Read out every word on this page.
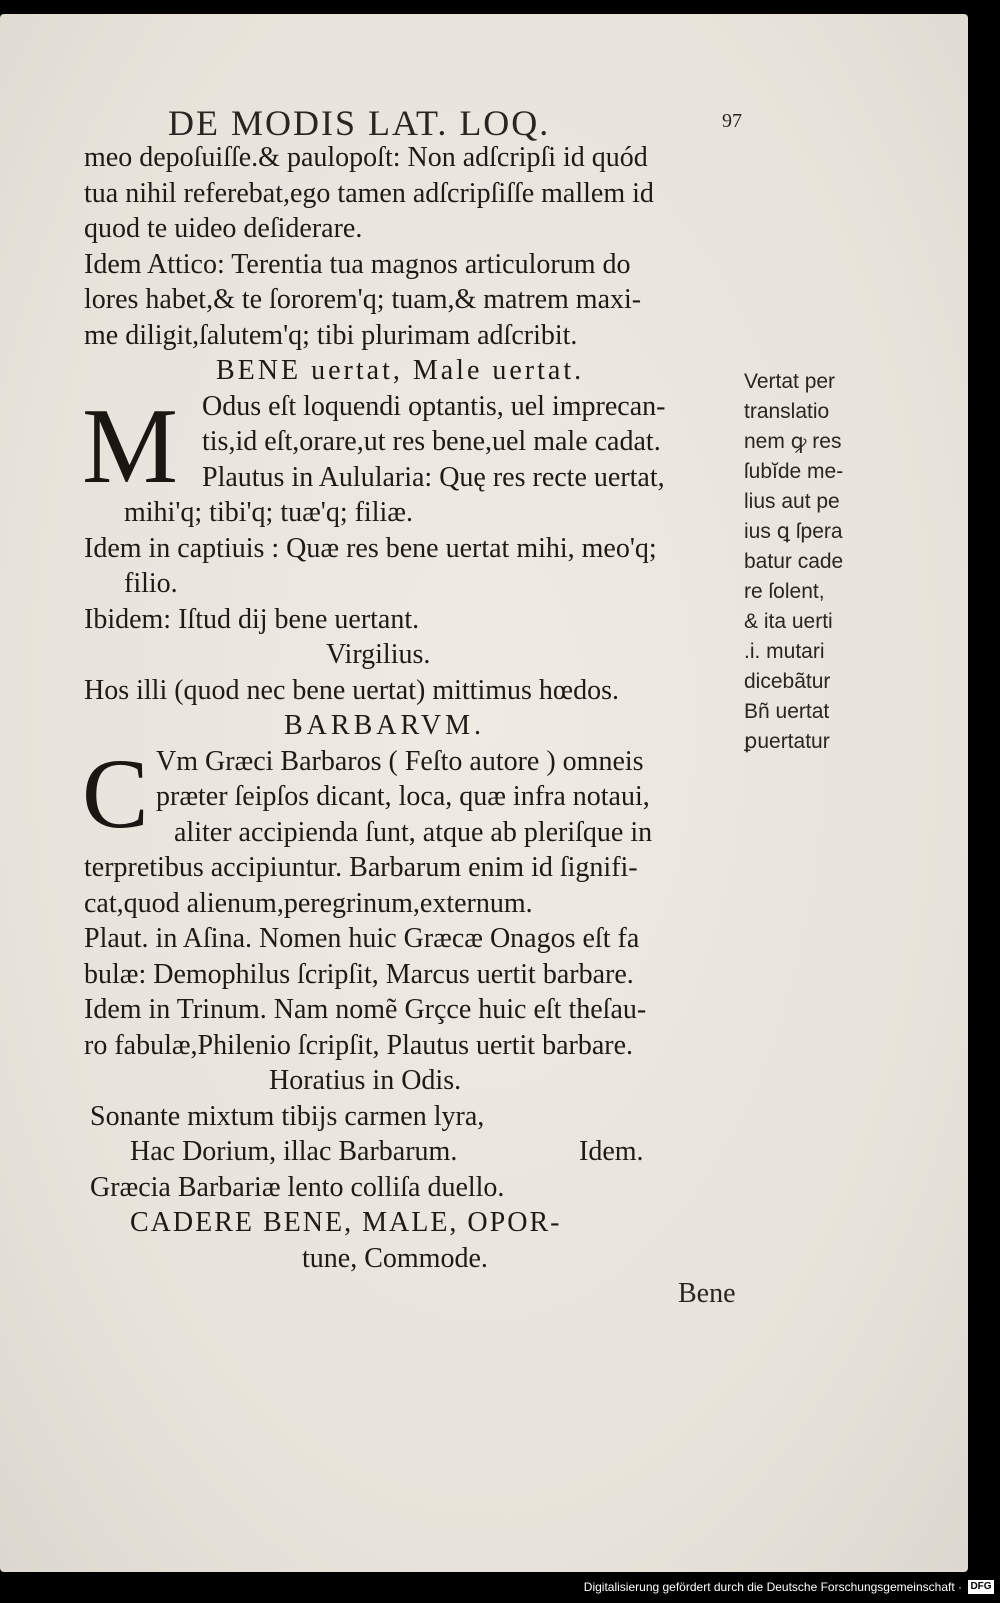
DE MODIS LAT. LOQ.	97
meo depoſuiſſe.& paulopoſt: Non adſcripſi id quód
tua nihil referebat,ego tamen adſcripſiſſe mallem id
quod te uideo deſiderare.
Idem Attico: Terentia tua magnos articulorum do
lores habet,& te ſororem'q; tuam,& matrem maxi-
me diligit,ſalutem'q; tibi plurimam adſcribit.
BENE uertat, Male uertat.
M Odus eſt loquendi optantis, uel imprecan-
tis,id eſt,orare,ut res bene,uel male cadat.
Plautus in Aulularia: Quę res recte uertat,
mihi'q; tibi'q; tuæ'q; filiæ.
Idem in captiuis : Quæ res bene uertat mihi, meo'q;
filio.
Ibidem: Iſtud dij bene uertant.
Virgilius.
Hos illi (quod nec bene uertat) mittimus hœdos.
BARBARVM.
C Vm Græci Barbaros ( Feſto autore ) omneis
præter ſeipſos dicant, loca, quæ infra notaui,
aliter accipienda ſunt, atque ab pleriſque in
terpretibus accipiuntur. Barbarum enim id ſignifi-
cat,quod alienum,peregrinum,externum.
Plaut. in Aſina. Nomen huic Græcæ Onagos eſt fa
bulæ: Demophilus ſcripſit, Marcus uertit barbare.
Idem in Trinum. Nam nomẽ Grçce huic eſt theſau-
ro fabulæ,Philenio ſcripſit, Plautus uertit barbare.
Horatius in Odis.
Sonante mixtum tibijs carmen lyra,
Hac Dorium, illac Barbarum.	Idem.
Græcia Barbariæ lento colliſa duello.
CADERE BENE, MALE, OPOR-
tune, Commode.
Vertat per
translatio
nem ꝙ res
ſubĭde me-
lius aut pe
ius ꝗ ſpera
batur cade
re ſolent,
& ita uerti
.i. mutari
dicebãtur
Bñ uertat
ꝑuertatur
Bene
Digitalisierung gefördert durch die Deutsche Forschungsgemeinschaft · DFG
